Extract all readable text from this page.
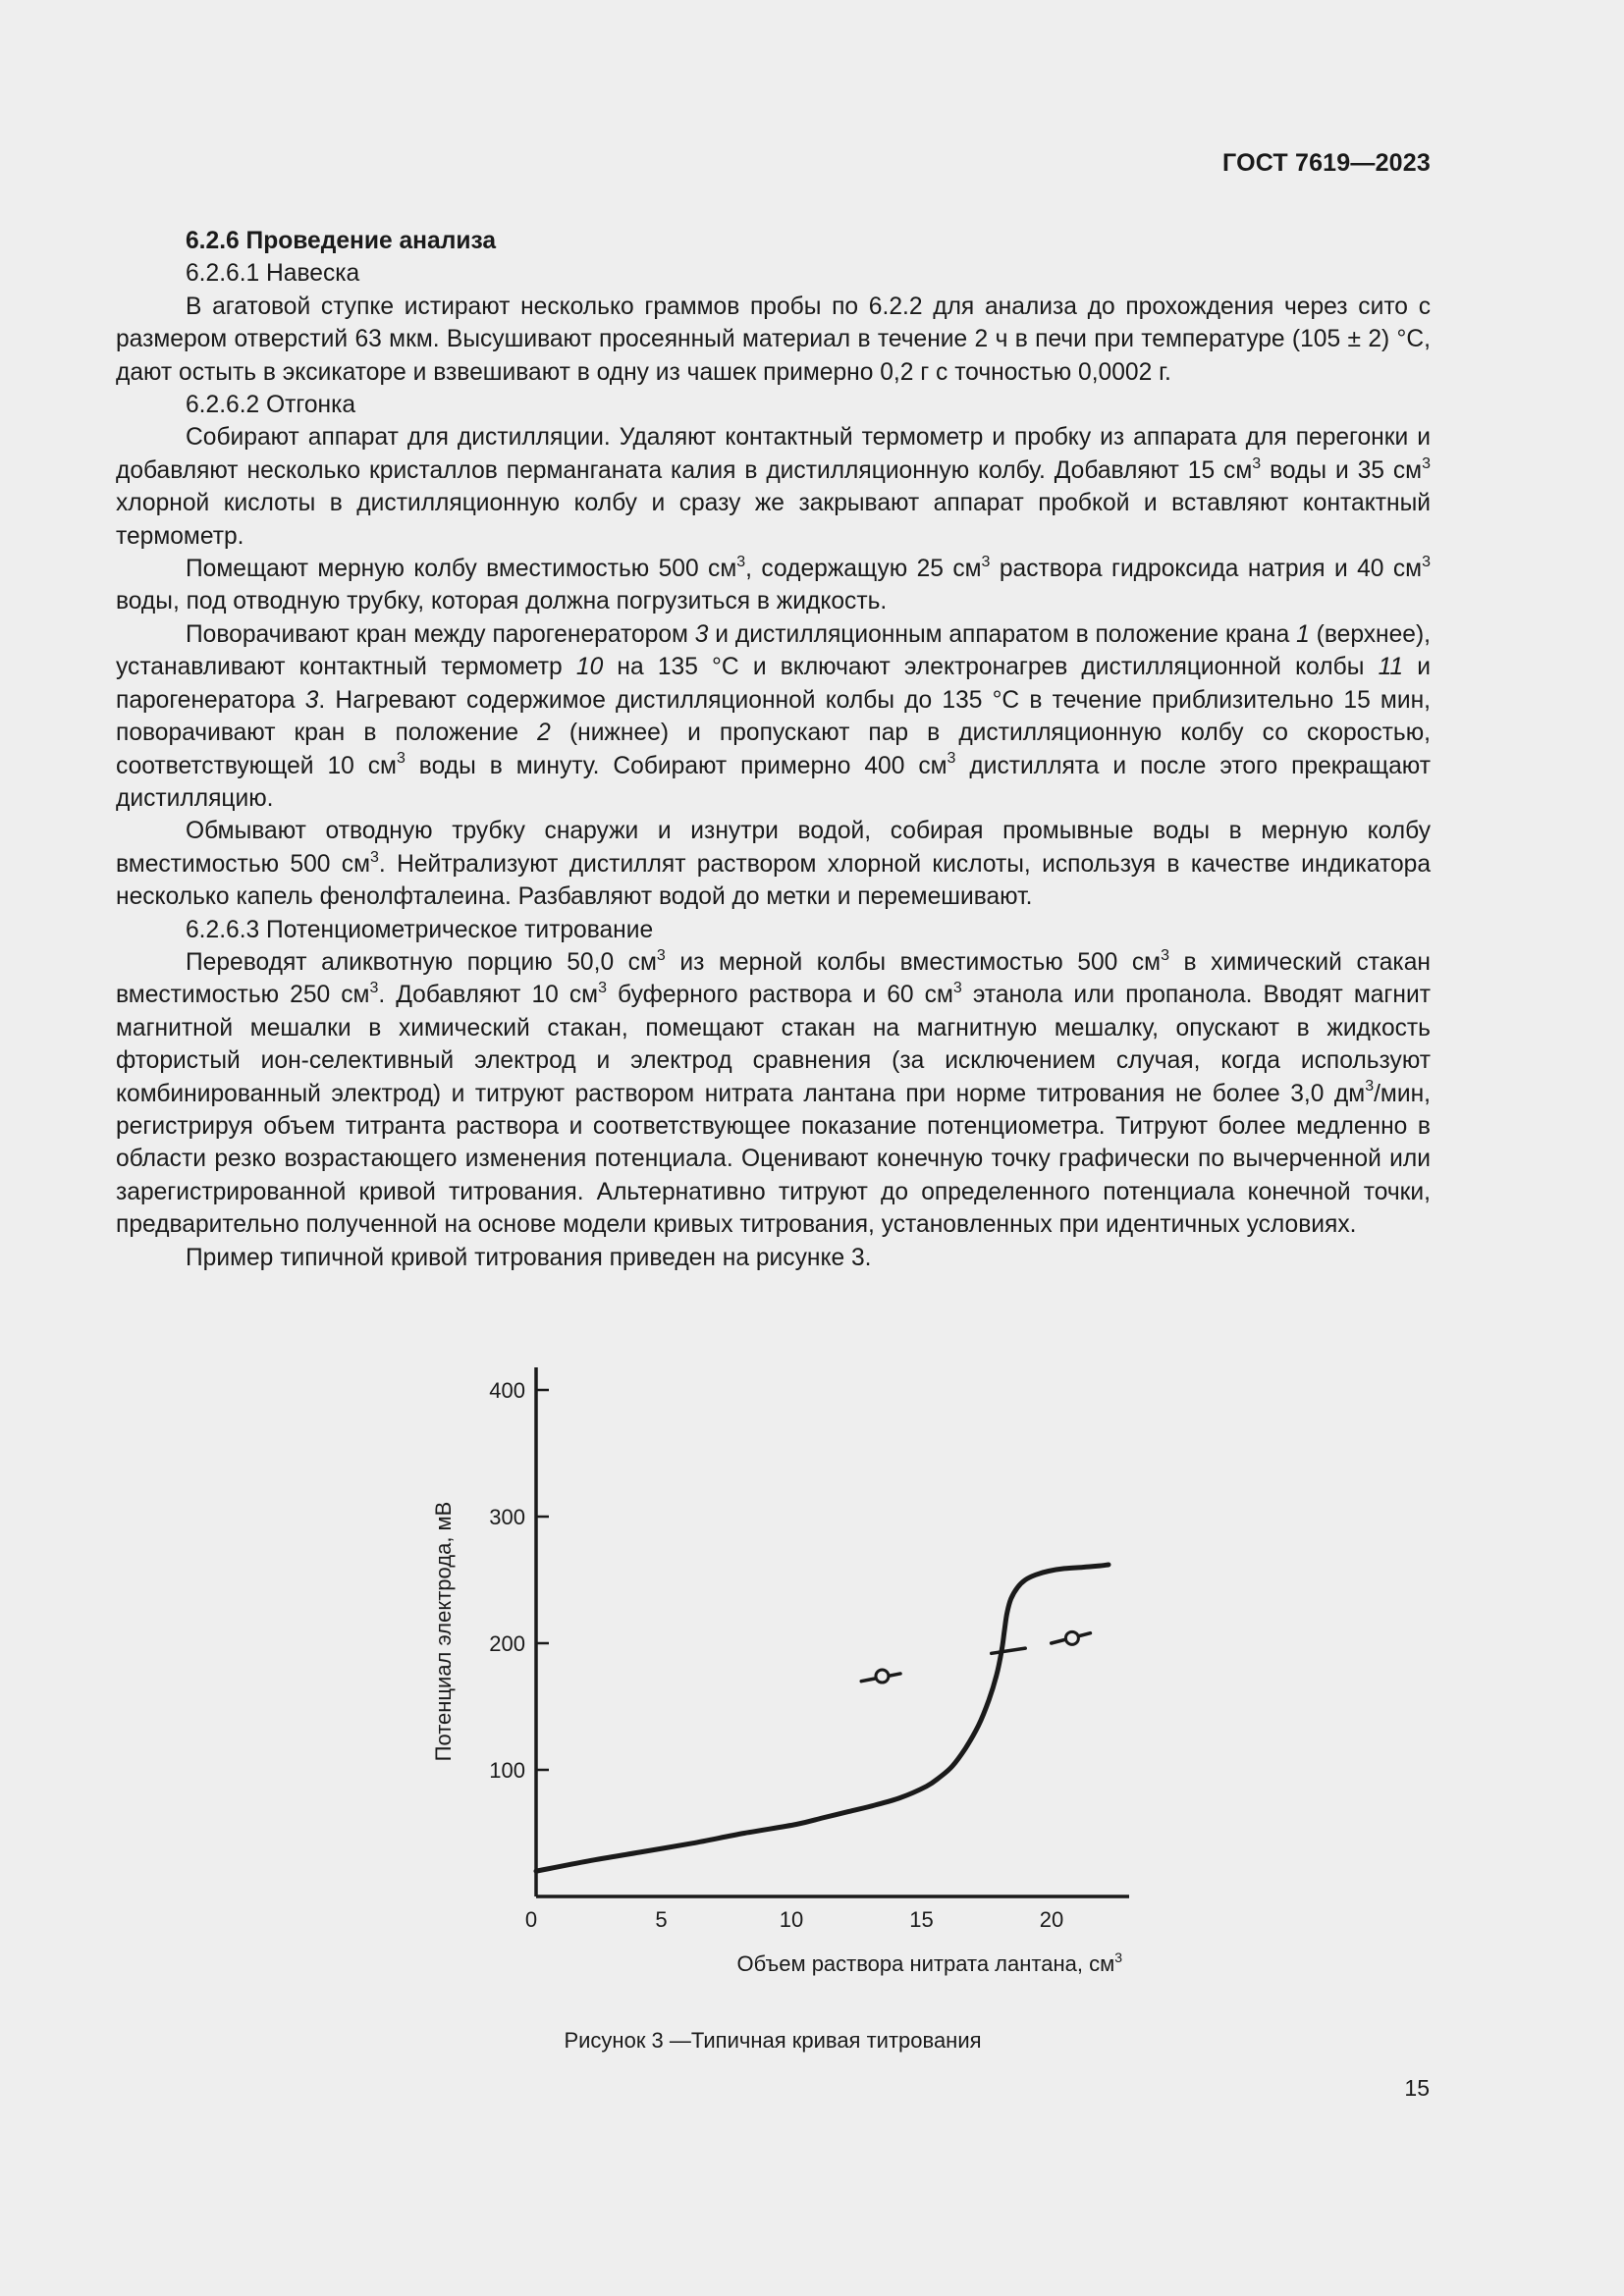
ГОСТ 7619—2023

6.2.6 Проведение анализа

6.2.6.1 Навеска

В агатовой ступке истирают несколько граммов пробы по 6.2.2 для анализа до прохождения через сито с размером отверстий 63 мкм. Высушивают просеянный материал в течение 2 ч в печи при температуре (105 ± 2) °С, дают остыть в эксикаторе и взвешивают в одну из чашек примерно 0,2 г с точностью 0,0002 г.

6.2.6.2 Отгонка

Собирают аппарат для дистилляции. Удаляют контактный термометр и пробку из аппарата для перегонки и добавляют несколько кристаллов перманганата калия в дистилляционную колбу. Добавляют 15 $см^3$ воды и 35 $см^3$ хлорной кислоты в дистилляционную колбу и сразу же закрывают аппарат пробкой и вставляют контактный термометр.

Помещают мерную колбу вместимостью 500 $см^3$, содержащую 25 $см^3$ раствора гидроксида натрия и 40 $см^3$ воды, под отводную трубку, которая должна погрузиться в жидкость.

Поворачивают кран между парогенератором 3 и дистилляционным аппаратом в положение крана 1 (верхнее), устанавливают контактный термометр 10 на 135 °С и включают электронагрев дистилляционной колбы 11 и парогенератора 3. Нагревают содержимое дистилляционной колбы до 135 °С в течение приблизительно 15 мин, поворачивают кран в положение 2 (нижнее) и пропускают пар в дистилляционную колбу со скоростью, соответствующей 10 $см^3$ воды в минуту. Собирают примерно 400 $см^3$ дистиллята и после этого прекращают дистилляцию.

Обмывают отводную трубку снаружи и изнутри водой, собирая промывные воды в мерную колбу вместимостью 500 $см^3$. Нейтрализуют дистиллят раствором хлорной кислоты, используя в качестве индикатора несколько капель фенолфталеина. Разбавляют водой до метки и перемешивают.

6.2.6.3 Потенциометрическое титрование

Переводят аликвотную порцию 50,0 $см^3$ из мерной колбы вместимостью 500 $см^3$ в химический стакан вместимостью 250 $см^3$. Добавляют 10 $см^3$ буферного раствора и 60 $см^3$ этанола или пропанола. Вводят магнит магнитной мешалки в химический стакан, помещают стакан на магнитную мешалку, опускают в жидкость фтористый ион-селективный электрод и электрод сравнения (за исключением случая, когда используют комбинированный электрод) и титруют раствором нитрата лантана при норме титрования не более 3,0 $дм^3$/мин, регистрируя объем титранта раствора и соответствующее показание потенциометра. Титруют более медленно в области резко возрастающего изменения потенциала. Оценивают конечную точку графически по вычерченной или зарегистрированной кривой титрования. Альтернативно титруют до определенного потенциала конечной точки, предварительно полученной на основе модели кривых титрования, установленных при идентичных условиях.

Пример типичной кривой титрования приведен на рисунке 3.

100
200
300
400
0	5	10	15	20
Потенциал электрода, мВ
Объем раствора нитрата лантана, $см^3$
Рисунок 3 —Типичная кривая титрования
15
